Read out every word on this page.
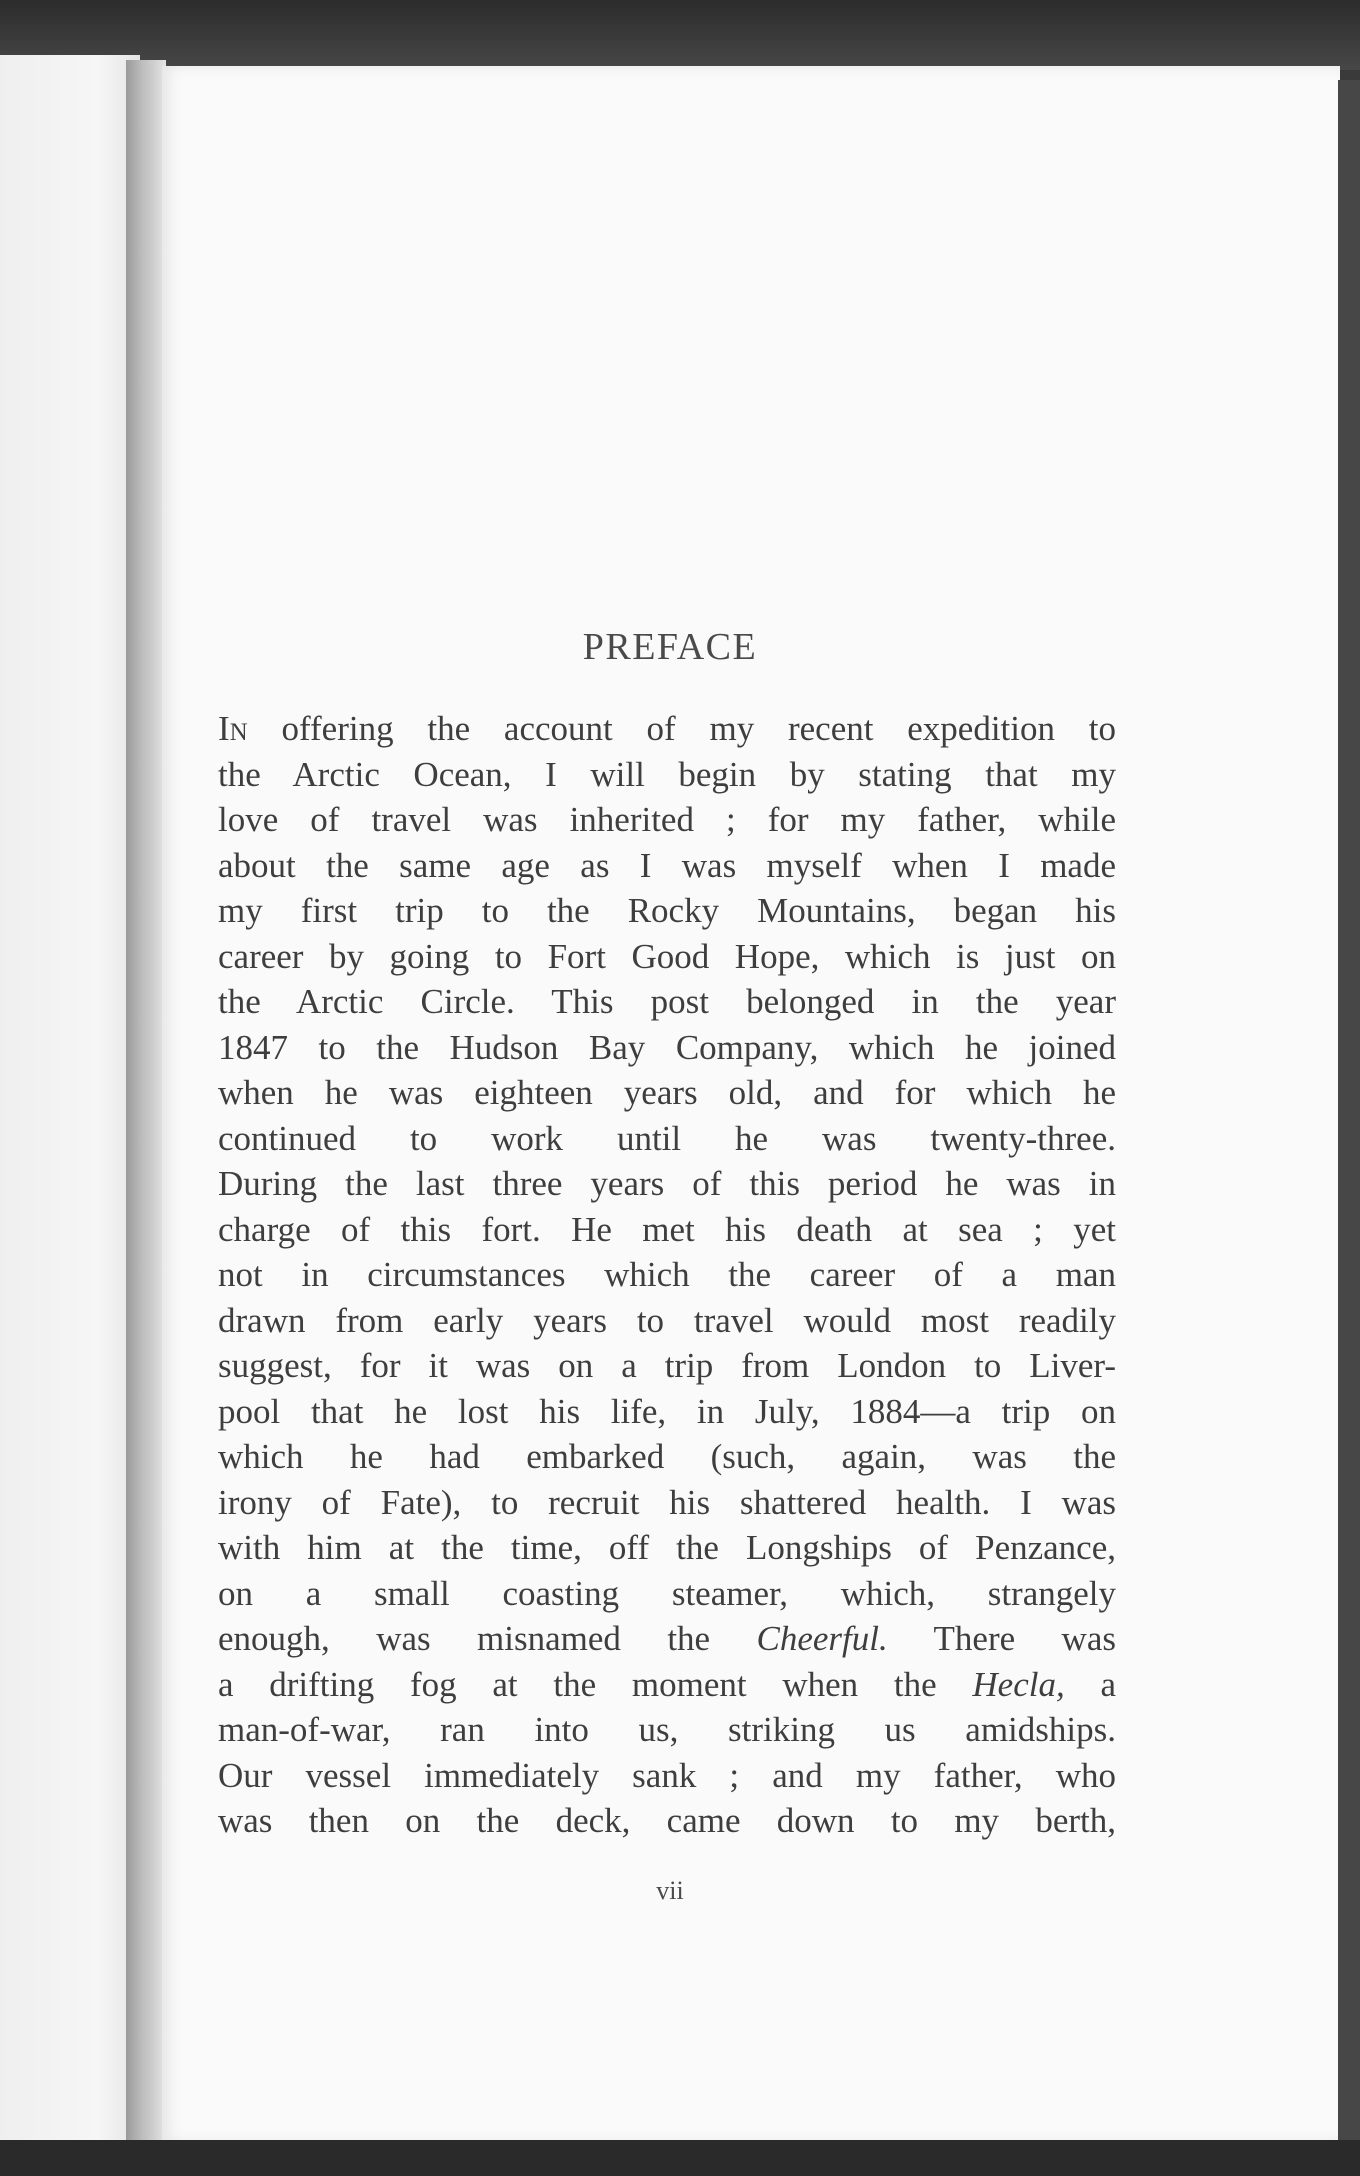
PREFACE
In offering the account of my recent expedition to
the Arctic Ocean, I will begin by stating that my
love of travel was inherited ; for my father, while
about the same age as I was myself when I made
my first trip to the Rocky Mountains, began his
career by going to Fort Good Hope, which is just on
the Arctic Circle. This post belonged in the year
1847 to the Hudson Bay Company, which he joined
when he was eighteen years old, and for which he
continued to work until he was twenty-three.
During the last three years of this period he was in
charge of this fort. He met his death at sea ; yet
not in circumstances which the career of a man
drawn from early years to travel would most readily
suggest, for it was on a trip from London to Liver-
pool that he lost his life, in July, 1884—a trip on
which he had embarked (such, again, was the
irony of Fate), to recruit his shattered health. I was
with him at the time, off the Longships of Penzance,
on a small coasting steamer, which, strangely
enough, was misnamed the Cheerful. There was
a drifting fog at the moment when the Hecla, a
man-of-war, ran into us, striking us amidships.
Our vessel immediately sank ; and my father, who
was then on the deck, came down to my berth,
vii
